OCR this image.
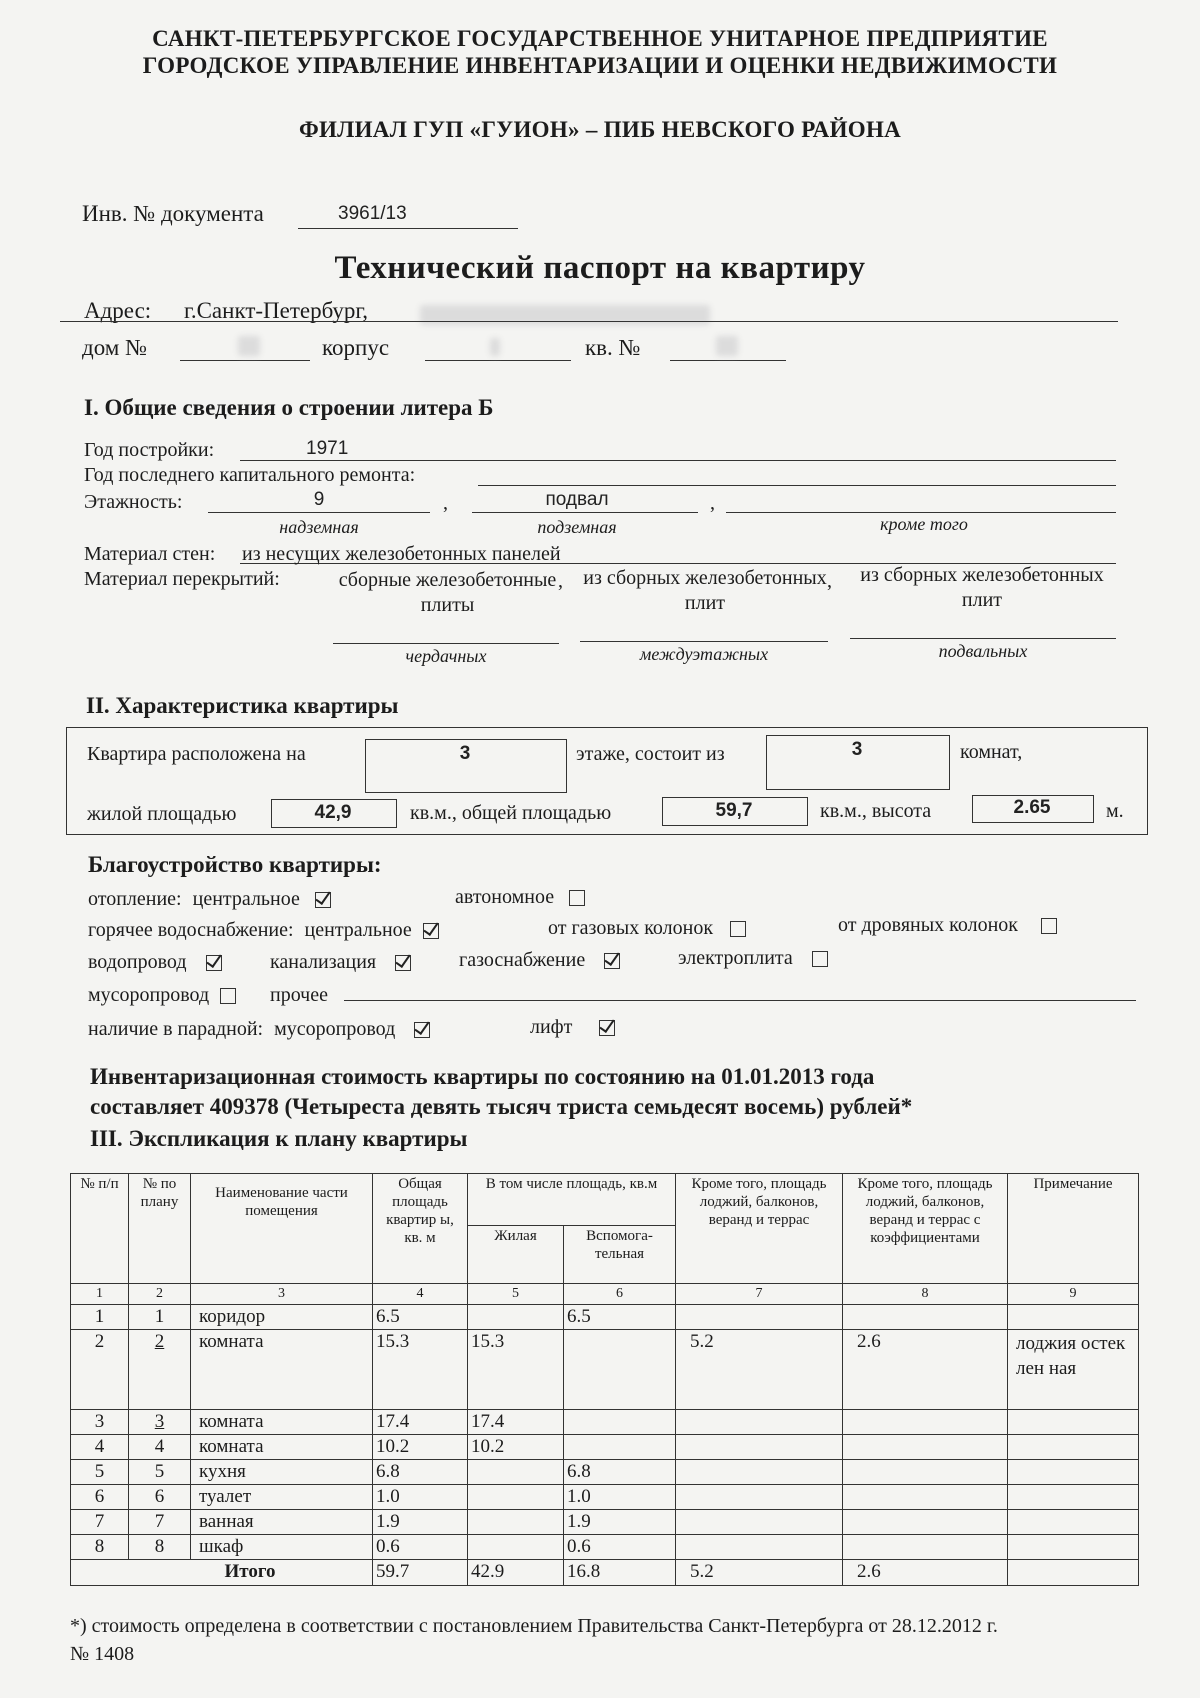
САНКТ-ПЕТЕРБУРГСКОЕ ГОСУДАРСТВЕННОЕ УНИТАРНОЕ ПРЕДПРИЯТИЕ
ГОРОДСКОЕ УПРАВЛЕНИЕ ИНВЕНТАРИЗАЦИИ И ОЦЕНКИ НЕДВИЖИМОСТИ
ФИЛИАЛ ГУП «ГУИОН» – ПИБ НЕВСКОГО РАЙОНА
Инв. № документа	3961/13
Технический паспорт на квартиру
Адрес: г.Санкт-Петербург,
дом №	корпус	кв. №
I. Общие сведения о строении литера Б
Год постройки:	1971
Год последнего капитального ремонта:
Этажность:	9	,	подвал	,
надземная	подземная	кроме того
Материал стен: из несущих железобетонных панелей
Материал перекрытий:	сборные железобетонные плиты
, из сборных железобетонных плит
,	из сборных железобетонных плит
чердачных	междуэтажных	подвальных
II. Характеристика квартиры
Квартира расположена на	3	этаже, состоит из	3	комнат,
жилой площадью	42,9	кв.м., общей площадью	59,7	кв.м., высота	2.65	м.
Благоустройство квартиры:
отопление: центральное	автономное
горячее водоснабжение: центральное	от газовых колонок	от дровяных колонок
водопровод	канализация	газоснабжение	электроплита
мусоропровод	прочее
наличие в парадной: мусоропровод	лифт
Инвентаризационная стоимость квартиры по состоянию на 01.01.2013 года
составляет 409378 (Четыреста девять тысяч триста семьдесят восемь) рублей*
III. Экспликация к плану квартиры
№ п/п	№ по плану	Наименование части помещения	Общая площадь квартир ы, кв. м	В том числе площадь, кв.м		Кроме того, площадь лоджий, балконов, веранд и террас	Кроме того, площадь лоджий, балконов, веранд и террас с коэффициентами	Примечание
				Жилая	Вспомога-тельная			
1	2	3	4	5	6	7	8	9
1	1	коридор	6.5		6.5			
2	2	комната	15.3	15.3		5.2	2.6	лоджия остеклен ная
3	3	комната	17.4	17.4				
4	4	комната	10.2	10.2				
5	5	кухня	6.8		6.8			
6	6	туалет	1.0		1.0			
7	7	ванная	1.9		1.9			
8	8	шкаф	0.6		0.6			
Итого			59.7	42.9	16.8	5.2	2.6	
*) стоимость определена в соответствии с постановлением Правительства Санкт-Петербурга от 28.12.2012 г.
№ 1408
